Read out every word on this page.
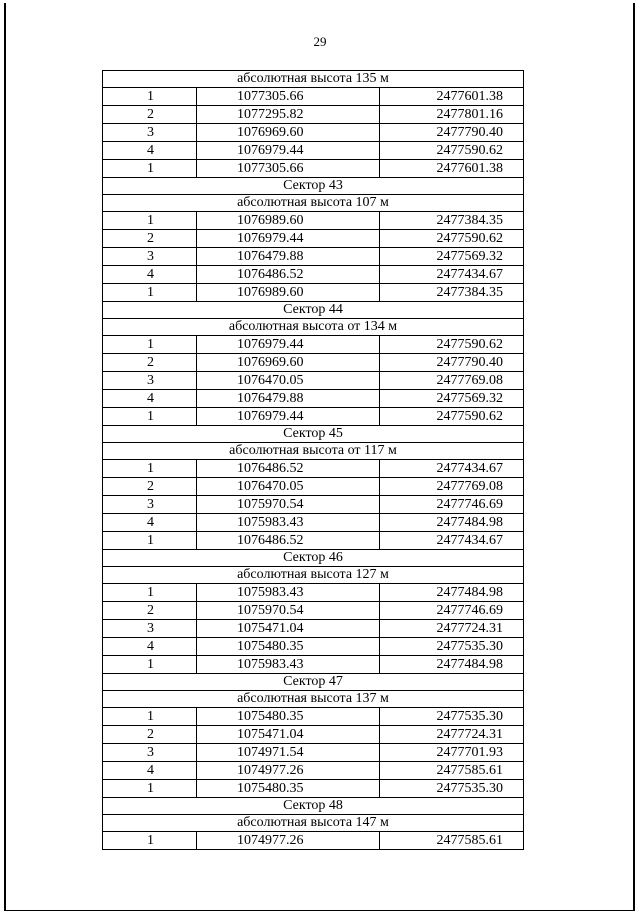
29
абсолютная высота 135 м		
1	1077305.66	2477601.38
2	1077295.82	2477801.16
3	1076969.60	2477790.40
4	1076979.44	2477590.62
1	1077305.66	2477601.38
Сектор 43		
абсолютная высота 107 м		
1	1076989.60	2477384.35
2	1076979.44	2477590.62
3	1076479.88	2477569.32
4	1076486.52	2477434.67
1	1076989.60	2477384.35
Сектор 44		
абсолютная высота от 134 м		
1	1076979.44	2477590.62
2	1076969.60	2477790.40
3	1076470.05	2477769.08
4	1076479.88	2477569.32
1	1076979.44	2477590.62
Сектор 45		
абсолютная высота от 117 м		
1	1076486.52	2477434.67
2	1076470.05	2477769.08
3	1075970.54	2477746.69
4	1075983.43	2477484.98
1	1076486.52	2477434.67
Сектор 46		
абсолютная высота 127 м		
1	1075983.43	2477484.98
2	1075970.54	2477746.69
3	1075471.04	2477724.31
4	1075480.35	2477535.30
1	1075983.43	2477484.98
Сектор 47		
абсолютная высота 137 м		
1	1075480.35	2477535.30
2	1075471.04	2477724.31
3	1074971.54	2477701.93
4	1074977.26	2477585.61
1	1075480.35	2477535.30
Сектор 48		
абсолютная высота 147 м		
1	1074977.26	2477585.61
